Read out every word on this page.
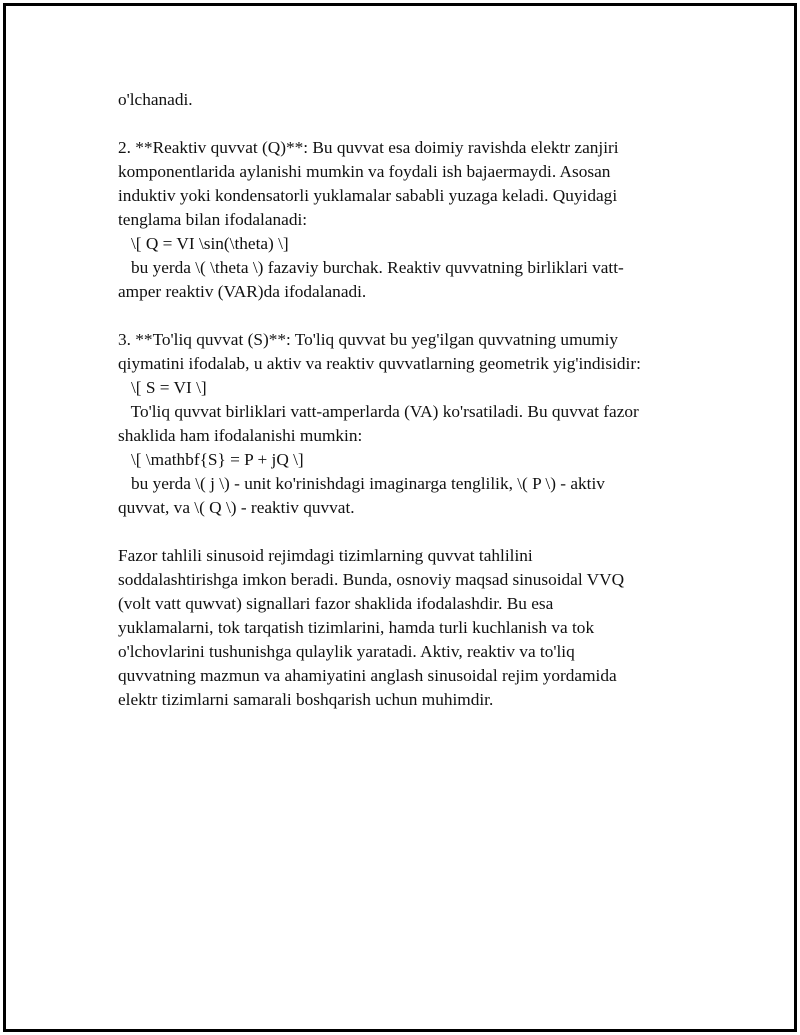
o'lchanadi.
2. **Reaktiv quvvat (Q)**: Bu quvvat esa doimiy ravishda elektr zanjiri
komponentlarida aylanishi mumkin va foydali ish bajaermaydi. Asosan
induktiv yoki kondensatorli yuklamalar sababli yuzaga keladi. Quyidagi
tenglama bilan ifodalanadi:
\[ Q = VI \sin(\theta) \]
bu yerda \( \theta \) fazaviy burchak. Reaktiv quvvatning birliklari vatt-
amper reaktiv (VAR)da ifodalanadi.
3. **To'liq quvvat (S)**: To'liq quvvat bu yeg'ilgan quvvatning umumiy
qiymatini ifodalab, u aktiv va reaktiv quvvatlarning geometrik yig'indisidir:
\[ S = VI \]
To'liq quvvat birliklari vatt-amperlarda (VA) ko'rsatiladi. Bu quvvat fazor
shaklida ham ifodalanishi mumkin:
\[ \mathbf{S} = P + jQ \]
bu yerda \( j \) - unit ko'rinishdagi imaginarga tenglilik, \( P \) - aktiv
quvvat, va \( Q \) - reaktiv quvvat.
Fazor tahlili sinusoid rejimdagi tizimlarning quvvat tahlilini
soddalashtirishga imkon beradi. Bunda, osnoviy maqsad sinusoidal VVQ
(volt vatt quwvat) signallari fazor shaklida ifodalashdir. Bu esa
yuklamalarni, tok tarqatish tizimlarini, hamda turli kuchlanish va tok
o'lchovlarini tushunishga qulaylik yaratadi. Aktiv, reaktiv va to'liq
quvvatning mazmun va ahamiyatini anglash sinusoidal rejim yordamida
elektr tizimlarni samarali boshqarish uchun muhimdir.
